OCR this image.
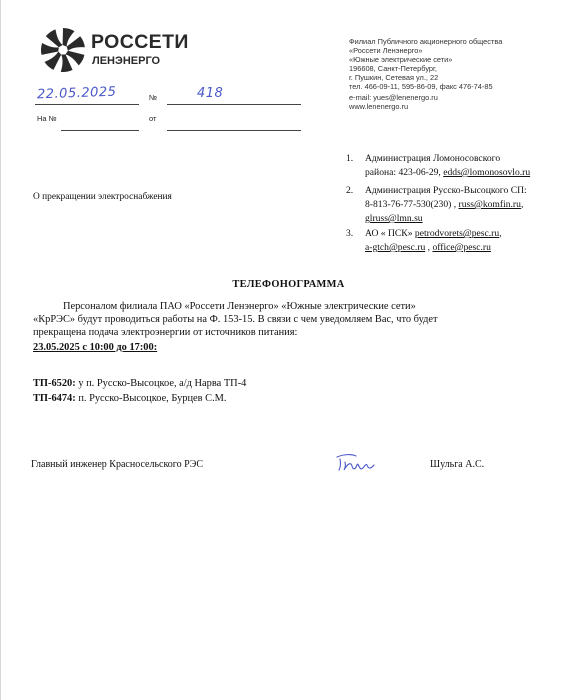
РОССЕТИ
ЛЕНЭНЕРГО
Филиал Публичного акционерного общества
«Россети Ленэнерго»
«Южные электрические сети»
196608, Санкт-Петербург,
г. Пушкин, Сетевая ул., 22
тел. 466-09-11, 595-86-09, факс 476-74-85
e-mail: yues@lenenergo.ru
www.lenenergo.ru
22.05.2025	№	418
На №	от
1. Администрация Ломоносовского
района: 423-06-29, edds@lomonosovlo.ru
2. Администрация Русско-Высоцкого СП:
8-813-76-77-530(230) , russ@komfin.ru,
glruss@lmn.su
3. АО « ПСК» petrodvorets@pesc.ru,
a-gtch@pesc.ru , office@pesc.ru
О прекращении электроснабжения
ТЕЛЕФОНОГРАММА
Персоналом филиала ПАО «Россети Ленэнерго» «Южные электрические сети»
«КрРЭС» будут проводиться работы на Ф. 153-15. В связи с чем уведомляем Вас, что будет
прекращена подача электроэнергии от источников питания:
23.05.2025 с 10:00 до 17:00:
ТП-6520: у п. Русско-Высоцкое, а/д Нарва ТП-4
ТП-6474: п. Русско-Высоцкое, Бурцев С.М.
Главный инженер Красносельского РЭС	Шульга А.С.
